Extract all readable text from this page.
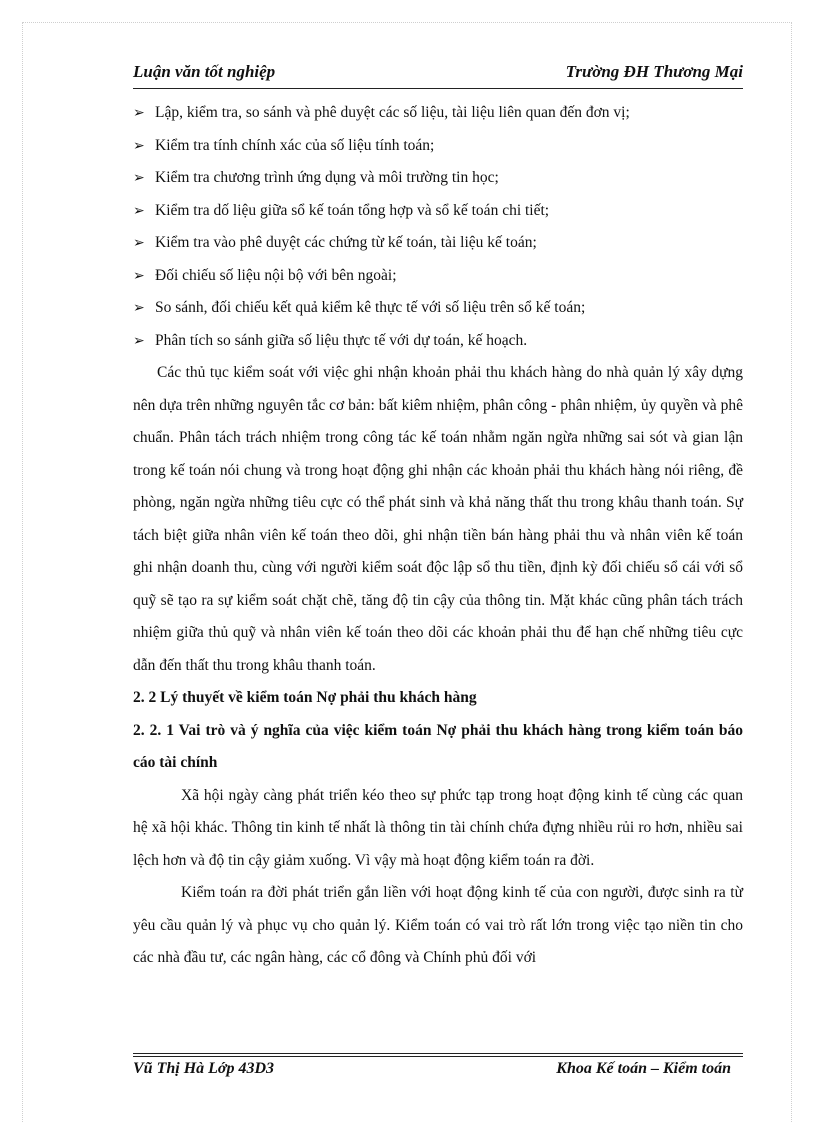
Luận văn tốt nghiệp	Trường ĐH Thương Mại
➢ Lập, kiểm tra, so sánh và phê duyệt các số liệu, tài liệu liên quan đến đơn vị;
➢ Kiểm tra tính chính xác của số liệu tính toán;
➢ Kiểm tra chương trình ứng dụng và môi trường tin học;
➢ Kiểm tra dố liệu giữa sổ kế toán tổng hợp và sổ kế toán chi tiết;
➢ Kiểm tra vào phê duyệt các chứng từ kế toán, tài liệu kế toán;
➢ Đối chiếu số liệu nội bộ với bên ngoài;
➢ So sánh, đối chiếu kết quả kiểm kê thực tế với số liệu trên sổ kế toán;
➢ Phân tích so sánh giữa số liệu thực tế với dự toán, kế hoạch.

Các thủ tục kiểm soát với việc ghi nhận khoản phải thu khách hàng do nhà quản lý xây dựng nên dựa trên những nguyên tắc cơ bản: bất kiêm nhiệm, phân công - phân nhiệm, ủy quyền và phê chuẩn. Phân tách trách nhiệm trong công tác kế toán nhằm ngăn ngừa những sai sót và gian lận trong kế toán nói chung và trong hoạt động ghi nhận các khoản phải thu khách hàng nói riêng, đề phòng, ngăn ngừa những tiêu cực có thể phát sinh và khả năng thất thu trong khâu thanh toán. Sự tách biệt giữa nhân viên kế toán theo dõi, ghi nhận tiền bán hàng phải thu và nhân viên kế toán ghi nhận doanh thu, cùng với người kiểm soát độc lập sổ thu tiền, định kỳ đối chiếu sổ cái với sổ quỹ sẽ tạo ra sự kiểm soát chặt chẽ, tăng độ tin cậy của thông tin. Mặt khác cũng phân tách trách nhiệm giữa thủ quỹ và nhân viên kế toán theo dõi các khoản phải thu để hạn chế những tiêu cực dẫn đến thất thu trong khâu thanh toán.

2. 2 Lý thuyết về kiểm toán Nợ phải thu khách hàng

2. 2. 1 Vai trò và ý nghĩa của việc kiểm toán Nợ phải thu khách hàng trong kiểm toán báo cáo tài chính

Xã hội ngày càng phát triển kéo theo sự phức tạp trong hoạt động kinh tế cùng các quan hệ xã hội khác. Thông tin kinh tế nhất là thông tin tài chính chứa đựng nhiều rủi ro hơn, nhiều sai lệch hơn và độ tin cậy giảm xuống. Vì vậy mà hoạt động kiểm toán ra đời.

Kiểm toán ra đời phát triển gắn liền với hoạt động kinh tế của con người, được sinh ra từ yêu cầu quản lý và phục vụ cho quản lý. Kiểm toán có vai trò rất lớn trong việc tạo niền tin cho các nhà đầu tư, các ngân hàng, các cổ đông và Chính phủ đối với

Vũ Thị Hà Lớp 43D3	Khoa Kế toán – Kiểm toán
